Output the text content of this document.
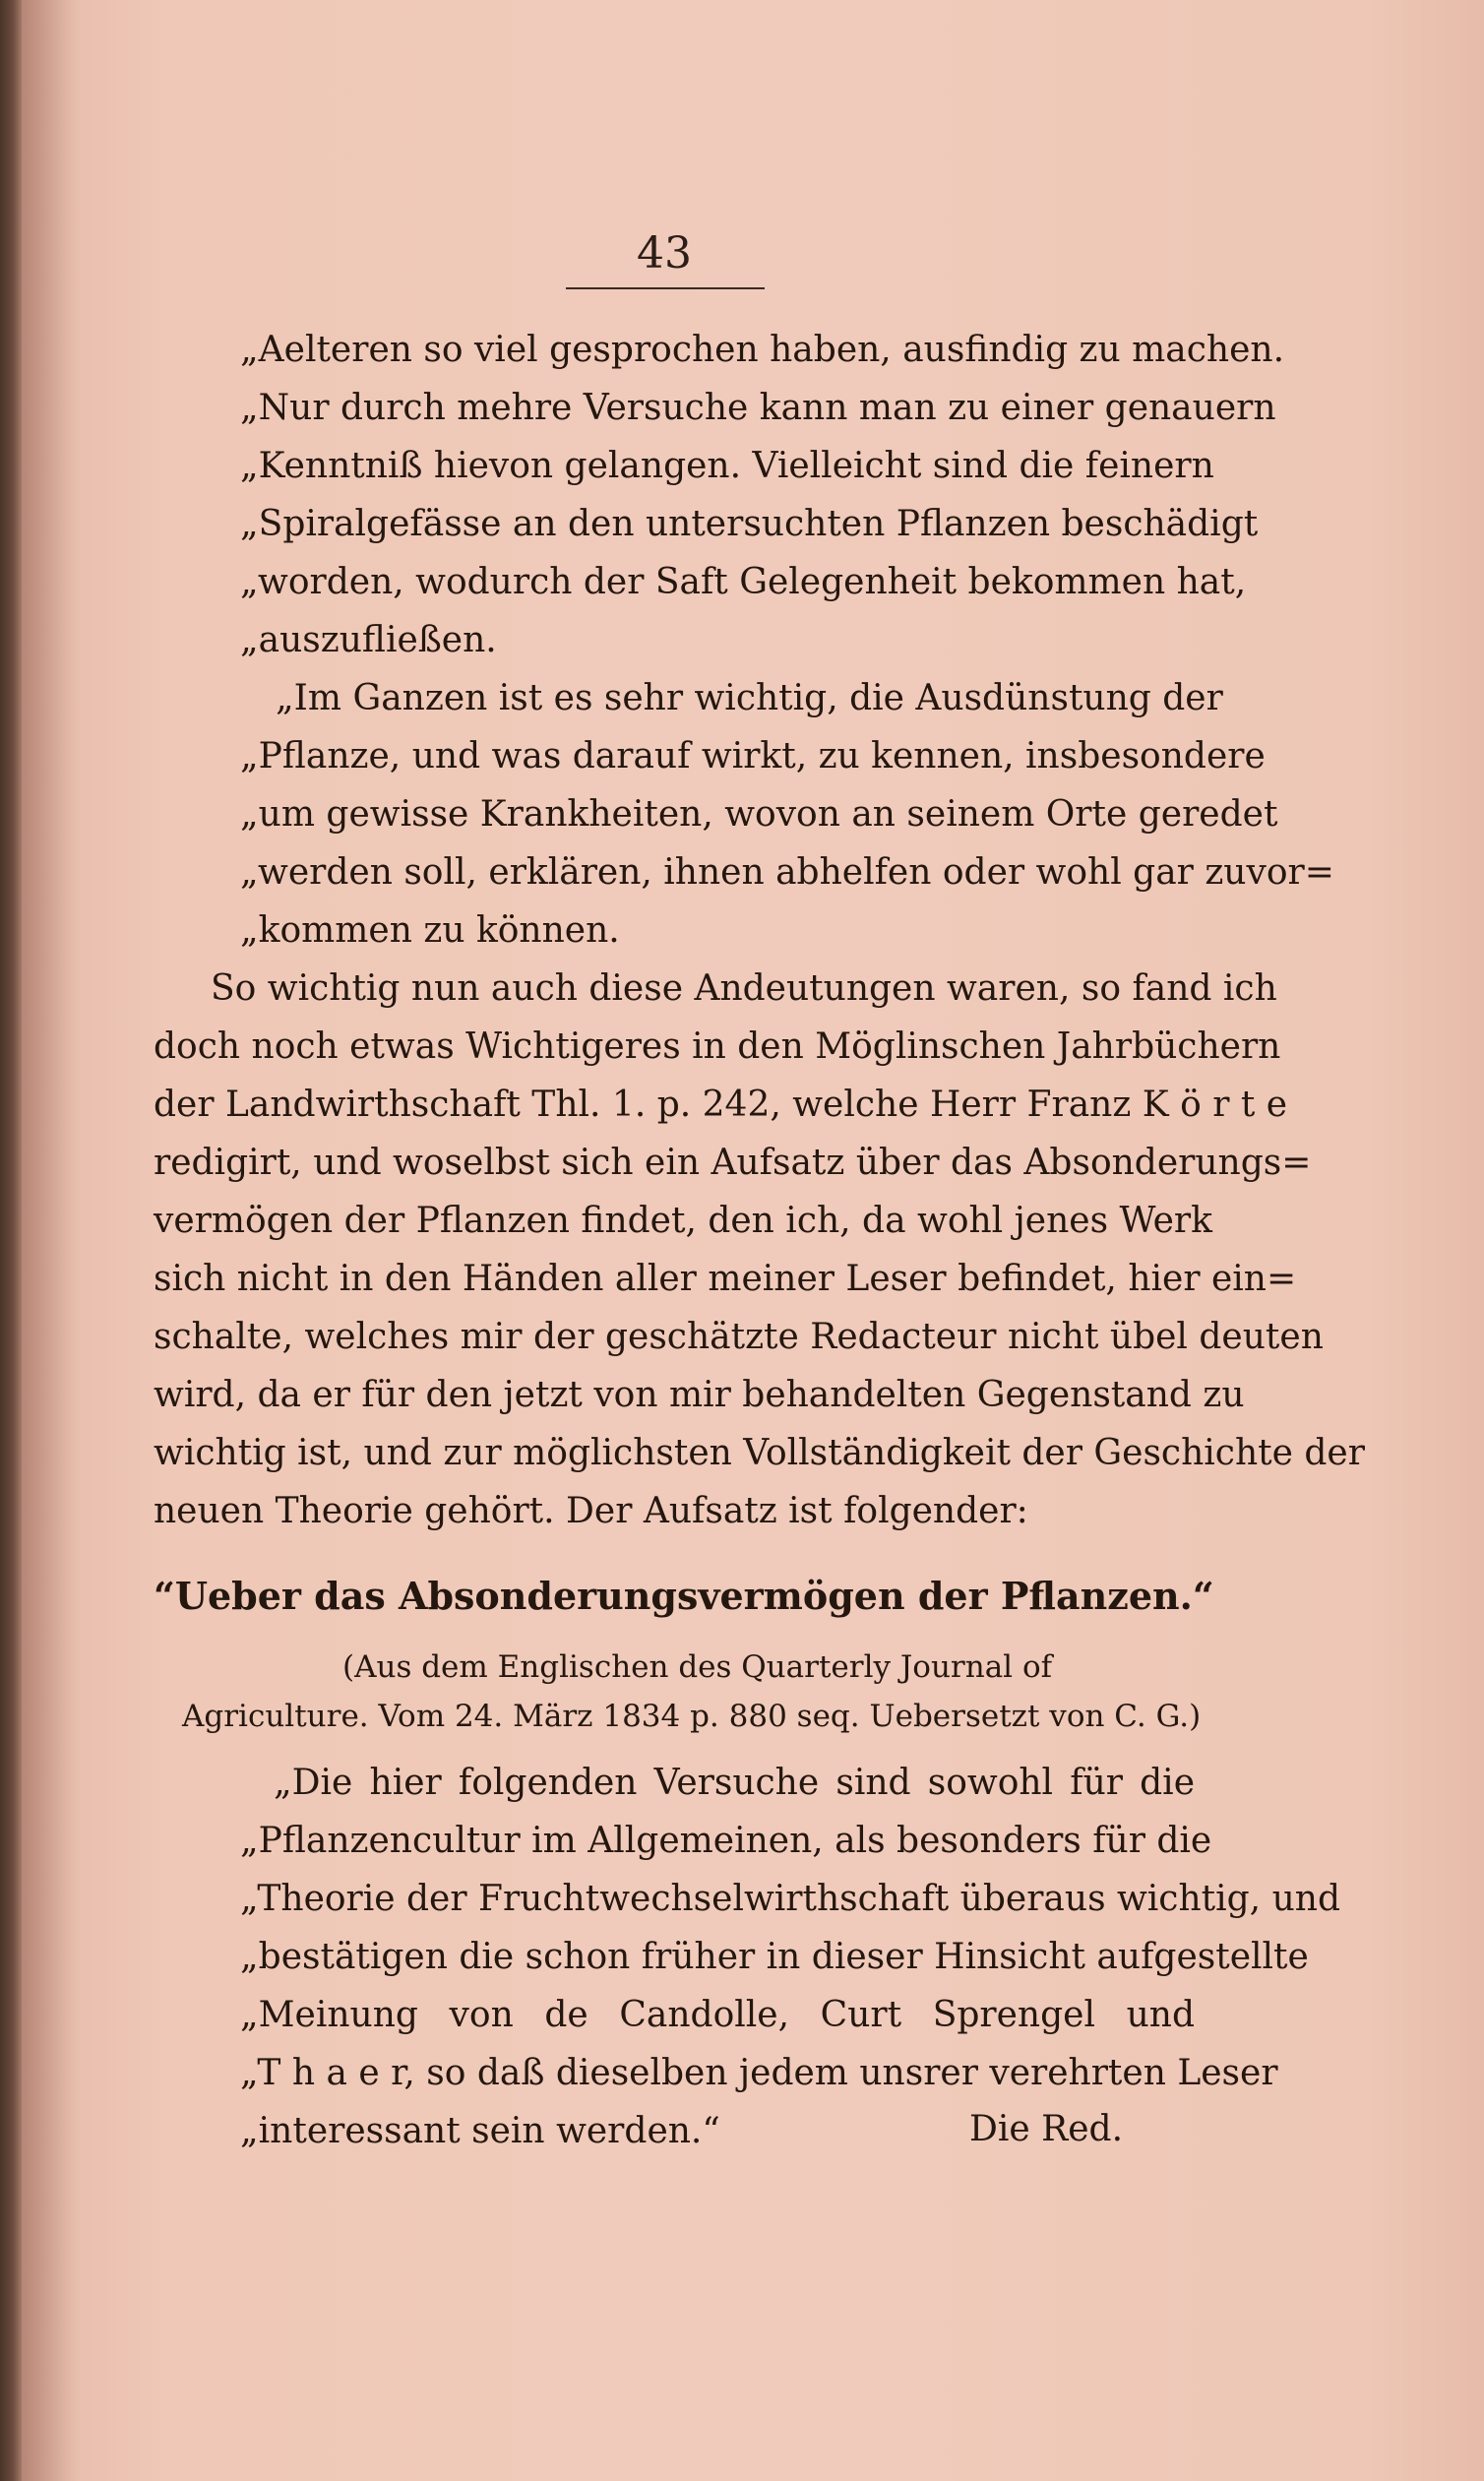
43
„Aelteren so viel gesprochen haben, ausfindig zu machen.
„Nur durch mehre Versuche kann man zu einer genauern
„Kenntniß hievon gelangen. Vielleicht sind die feinern
„Spiralgefässe an den untersuchten Pflanzen beschädigt
„worden, wodurch der Saft Gelegenheit bekommen hat,
„auszufließen.
„Im Ganzen ist es sehr wichtig, die Ausdünstung der
„Pflanze, und was darauf wirkt, zu kennen, insbesondere
„um gewisse Krankheiten, wovon an seinem Orte geredet
„werden soll, erklären, ihnen abhelfen oder wohl gar zuvor=
„kommen zu können.
So wichtig nun auch diese Andeutungen waren, so fand ich
doch noch etwas Wichtigeres in den Möglinschen Jahrbüchern
der Landwirthschaft Thl. 1. p. 242, welche Herr Franz K ö r t e
redigirt, und woselbst sich ein Aufsatz über das Absonderungs=
vermögen der Pflanzen findet, den ich, da wohl jenes Werk
sich nicht in den Händen aller meiner Leser befindet, hier ein=
schalte, welches mir der geschätzte Redacteur nicht übel deuten
wird, da er für den jetzt von mir behandelten Gegenstand zu
wichtig ist, und zur möglichsten Vollständigkeit der Geschichte der
neuen Theorie gehört. Der Aufsatz ist folgender:
“Ueber das Absonderungsvermögen der Pflanzen.“
(Aus dem Englischen des Quarterly Journal of
Agriculture. Vom 24. März 1834 p. 880 seq. Uebersetzt von C. G.)
„Die hier folgenden Versuche sind sowohl für die
„Pflanzencultur im Allgemeinen, als besonders für die
„Theorie der Fruchtwechselwirthschaft überaus wichtig, und
„bestätigen die schon früher in dieser Hinsicht aufgestellte
„Meinung von de Candolle, Curt Sprengel und
„T h a e r, so daß dieselben jedem unsrer verehrten Leser
„interessant sein werden.“	Die Red.
